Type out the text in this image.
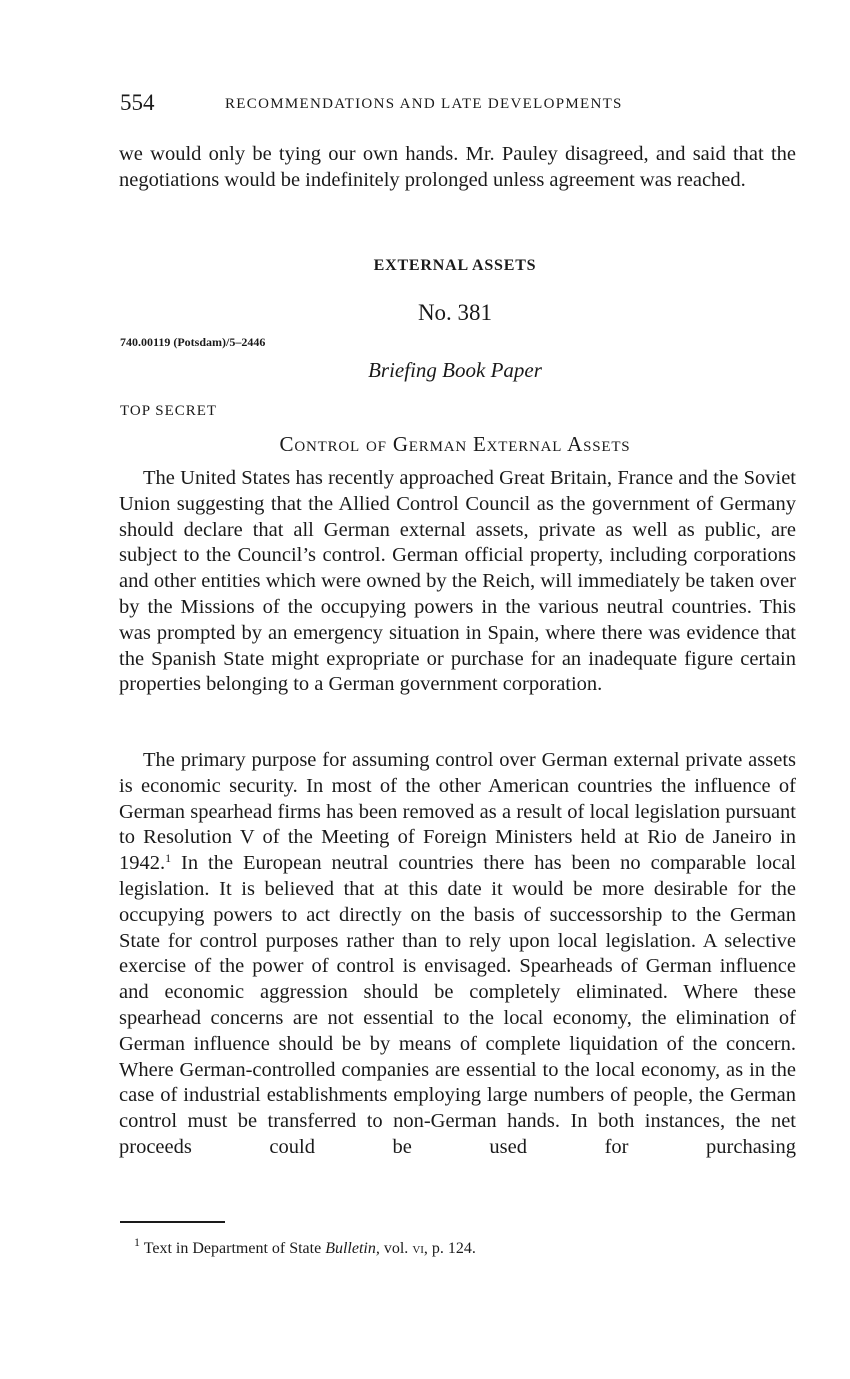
554	RECOMMENDATIONS AND LATE DEVELOPMENTS

we would only be tying our own hands. Mr. Pauley disagreed, and said that the negotiations would be indefinitely prolonged unless agreement was reached.

EXTERNAL ASSETS
No. 381
740.00119 (Potsdam)/5–2446
Briefing Book Paper
TOP SECRET
Control of German External Assets

The United States has recently approached Great Britain, France and the Soviet Union suggesting that the Allied Control Council as the government of Germany should declare that all German external assets, private as well as public, are subject to the Council’s control. German official property, including corporations and other entities which were owned by the Reich, will immediately be taken over by the Missions of the occupying powers in the various neutral countries. This was prompted by an emergency situation in Spain, where there was evidence that the Spanish State might expropriate or purchase for an inadequate figure certain properties belonging to a German government corporation.

The primary purpose for assuming control over German external private assets is economic security. In most of the other American countries the influence of German spearhead firms has been removed as a result of local legislation pursuant to Resolution V of the Meeting of Foreign Ministers held at Rio de Janeiro in 1942.$^1$ In the European neutral countries there has been no comparable local legislation. It is believed that at this date it would be more desirable for the occupying powers to act directly on the basis of successorship to the German State for control purposes rather than to rely upon local legislation. A selective exercise of the power of control is envisaged. Spearheads of German influence and economic aggression should be completely eliminated. Where these spearhead concerns are not essential to the local economy, the elimination of German influence should be by means of complete liquidation of the concern. Where German-controlled companies are essential to the local economy, as in the case of industrial establishments employing large numbers of people, the German control must be transferred to non-German hands. In both instances, the net proceeds could be used for purchasing

$^1$ Text in Department of State Bulletin, vol. vi, p. 124.
